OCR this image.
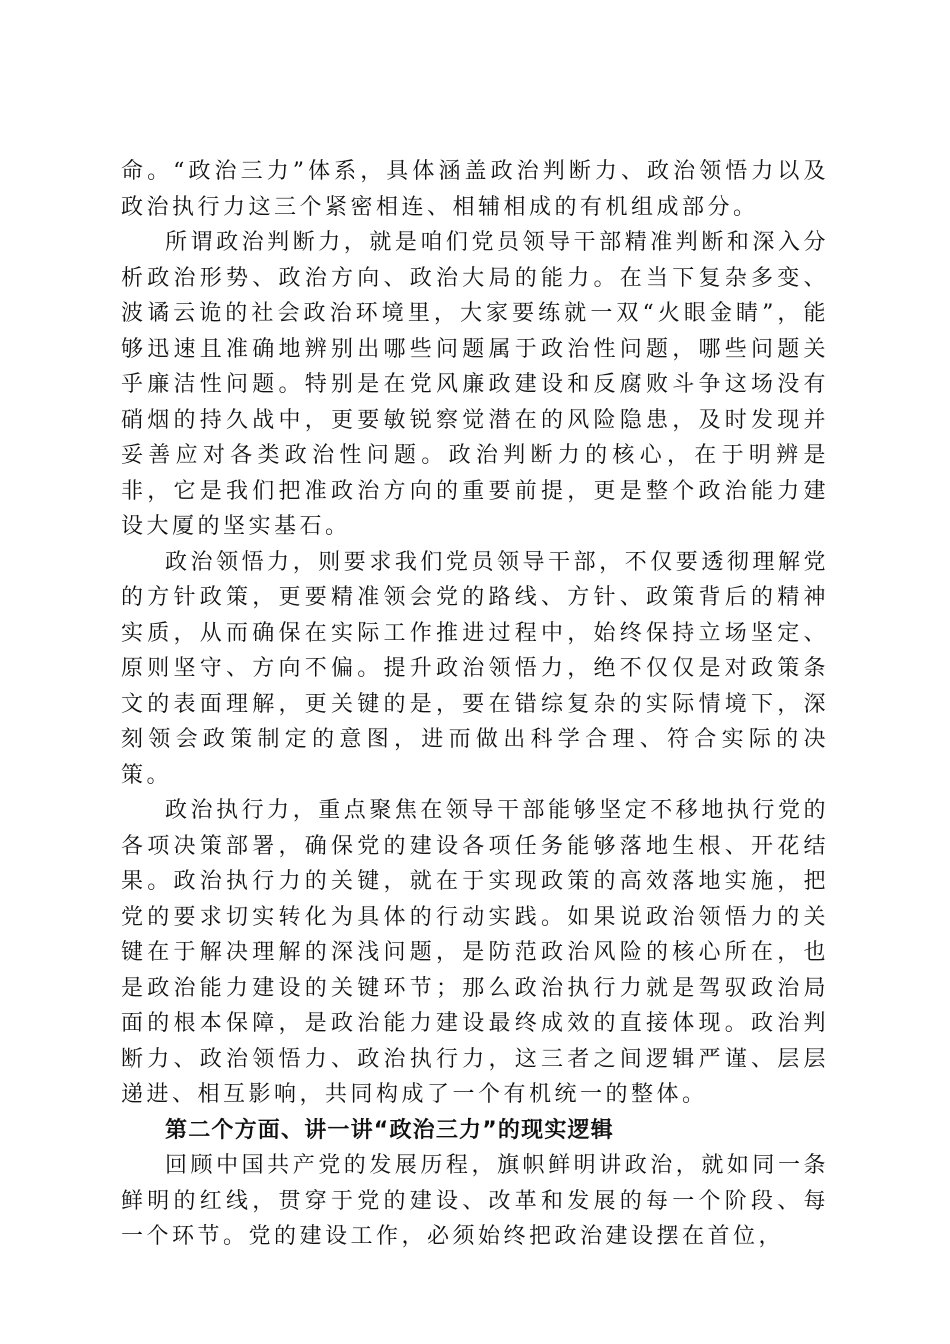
命。“政治三力”体系，具体涵盖政治判断力、政治领悟力以及政治执行力这三个紧密相连、相辅相成的有机组成部分。

所谓政治判断力，就是咱们党员领导干部精准判断和深入分析政治形势、政治方向、政治大局的能力。在当下复杂多变、波谲云诡的社会政治环境里，大家要练就一双“火眼金睛”，能够迅速且准确地辨别出哪些问题属于政治性问题，哪些问题关乎廉洁性问题。特别是在党风廉政建设和反腐败斗争这场没有硝烟的持久战中，更要敏锐察觉潜在的风险隐患，及时发现并妥善应对各类政治性问题。政治判断力的核心，在于明辨是非，它是我们把准政治方向的重要前提，更是整个政治能力建设大厦的坚实基石。

政治领悟力，则要求我们党员领导干部，不仅要透彻理解党的方针政策，更要精准领会党的路线、方针、政策背后的精神实质，从而确保在实际工作推进过程中，始终保持立场坚定、原则坚守、方向不偏。提升政治领悟力，绝不仅仅是对政策条文的表面理解，更关键的是，要在错综复杂的实际情境下，深刻领会政策制定的意图，进而做出科学合理、符合实际的决策。

政治执行力，重点聚焦在领导干部能够坚定不移地执行党的各项决策部署，确保党的建设各项任务能够落地生根、开花结果。政治执行力的关键，就在于实现政策的高效落地实施，把党的要求切实转化为具体的行动实践。如果说政治领悟力的关键在于解决理解的深浅问题，是防范政治风险的核心所在，也是政治能力建设的关键环节；那么政治执行力就是驾驭政治局面的根本保障，是政治能力建设最终成效的直接体现。政治判断力、政治领悟力、政治执行力，这三者之间逻辑严谨、层层递进、相互影响，共同构成了一个有机统一的整体。

第二个方面、讲一讲“政治三力”的现实逻辑

回顾中国共产党的发展历程，旗帜鲜明讲政治，就如同一条鲜明的红线，贯穿于党的建设、改革和发展的每一个阶段、每一个环节。党的建设工作，必须始终把政治建设摆在首位，
